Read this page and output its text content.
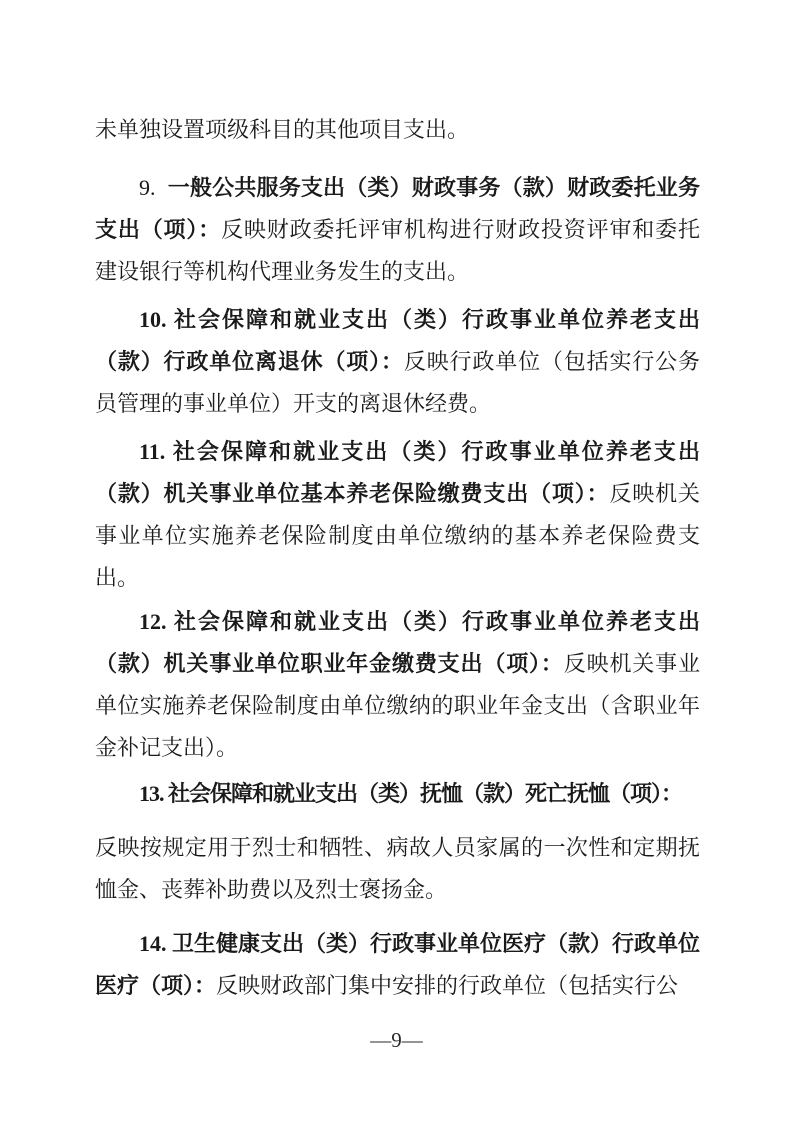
未单独设置项级科目的其他项目支出。

9. 一般公共服务支出（类）财政事务（款）财政委托业务支出（项）：反映财政委托评审机构进行财政投资评审和委托建设银行等机构代理业务发生的支出。

10. 社会保障和就业支出（类）行政事业单位养老支出（款）行政单位离退休（项）：反映行政单位（包括实行公务员管理的事业单位）开支的离退休经费。

11. 社会保障和就业支出（类）行政事业单位养老支出（款）机关事业单位基本养老保险缴费支出（项）：反映机关事业单位实施养老保险制度由单位缴纳的基本养老保险费支出。

12. 社会保障和就业支出（类）行政事业单位养老支出（款）机关事业单位职业年金缴费支出（项）：反映机关事业单位实施养老保险制度由单位缴纳的职业年金支出（含职业年金补记支出）。

13. 社会保障和就业支出（类）抚恤（款）死亡抚恤（项）：

反映按规定用于烈士和牺牲、病故人员家属的一次性和定期抚恤金、丧葬补助费以及烈士褒扬金。

14. 卫生健康支出（类）行政事业单位医疗（款）行政单位医疗（项）：反映财政部门集中安排的行政单位（包括实行公

—9—
